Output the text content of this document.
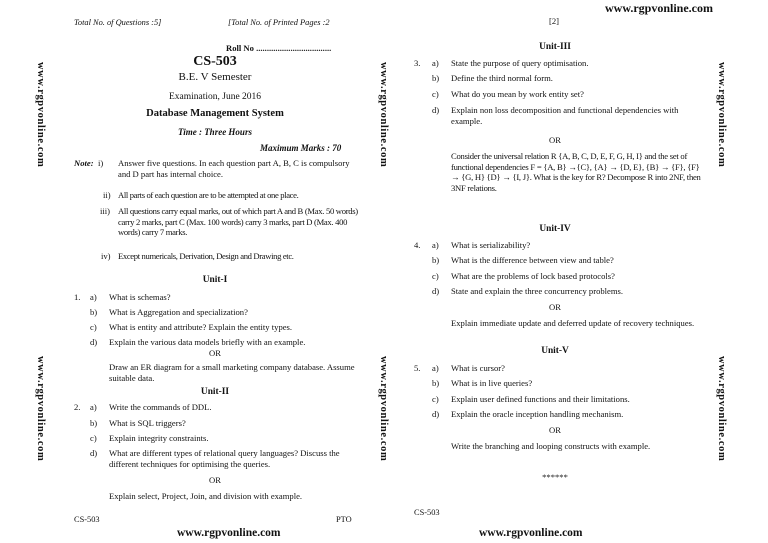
Total No. of Questions :5]	[Total No. of Printed Pages :2	[2]
www.rgpvonline.com
www.rgpvonline.com
www.rgpvonline.com
www.rgpvonline.com
www.rgpvonline.com
www.rgpvonline.com
www.rgpvonline.com
Roll No ...................................
CS-503
B.E. V Semester
Examination, June 2016
Database Management System
Time : Three Hours
Maximum Marks : 70
Note: i) Answer five questions. In each question part A, B, C is compulsory and D part has internal choice.
ii) All parts of each question are to be attempted at one place.
iii) All questions carry equal marks, out of which part A and B (Max. 50 words) carry 2 marks, part C (Max. 100 words) carry 3 marks, part D (Max. 400 words) carry 7 marks.
iv) Except numericals, Derivation, Design and Drawing etc.
Unit-I
1. a) What is schemas?
b) What is Aggregation and specialization?
c) What is entity and attribute? Explain the entity types.
d) Explain the various data models briefly with an example.
OR
Draw an ER diagram for a small marketing company database. Assume suitable data.
Unit-II
2. a) Write the commands of DDL.
b) What is SQL triggers?
c) Explain integrity constraints.
d) What are different types of relational query languages? Discuss the different techniques for optimising the queries.
OR
Explain select, Project, Join, and division with example.
CS-503	PTO
www.rgpvonline.com
Unit-III
3. a) State the purpose of query optimisation.
b) Define the third normal form.
c) What do you mean by work entity set?
d) Explain non loss decomposition and functional dependencies with example.
OR
Consider the universal relation R {A, B, C, D, E, F, G, H, I} and the set of functional dependencies F = {A, B} →{C}, {A} → {D, E}, {B} → {F}, {F} → {G, H} {D} → {I, J}. What is the key for R? Decompose R into 2NF, then 3NF relations.
Unit-IV
4. a) What is serializability?
b) What is the difference between view and table?
c) What are the problems of lock based protocols?
d) State and explain the three concurrency problems.
OR
Explain immediate update and deferred update of recovery techniques.
Unit-V
5. a) What is cursor?
b) What is in live queries?
c) Explain user defined functions and their limitations.
d) Explain the oracle inception handling mechanism.
OR
Write the branching and looping constructs with example.
******
CS-503
www.rgpvonline.com
